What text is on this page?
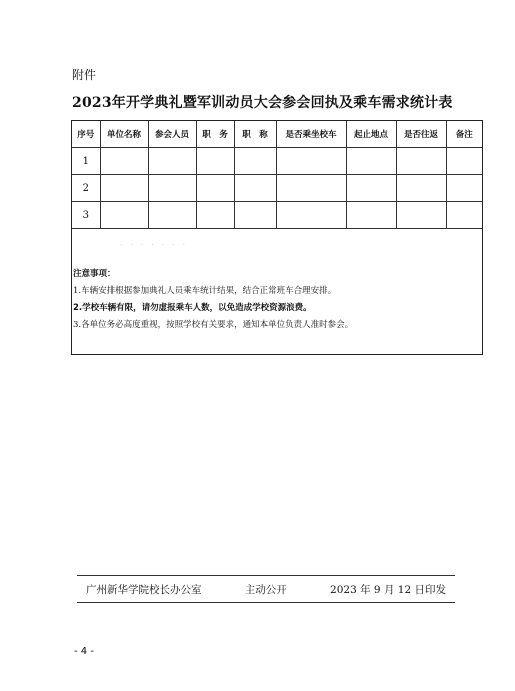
附件
2023年开学典礼暨军训动员大会参会回执及乘车需求统计表
序号	单位名称	参会人员	职　务	职　称	是否乘坐校车	起止地点	是否往返	备注
1								
2								
3								
· · · · · · ·
注意事项：
1.车辆安排根据参加典礼人员乘车统计结果，结合正常班车合理安排。
2.学校车辆有限，请勿虚报乘车人数，以免造成学校资源浪费。
3.各单位务必高度重视，按照学校有关要求，通知本单位负责人准时参会。
广州新华学院校长办公室	主动公开	2023 年 9 月 12 日印发
- 4 -
